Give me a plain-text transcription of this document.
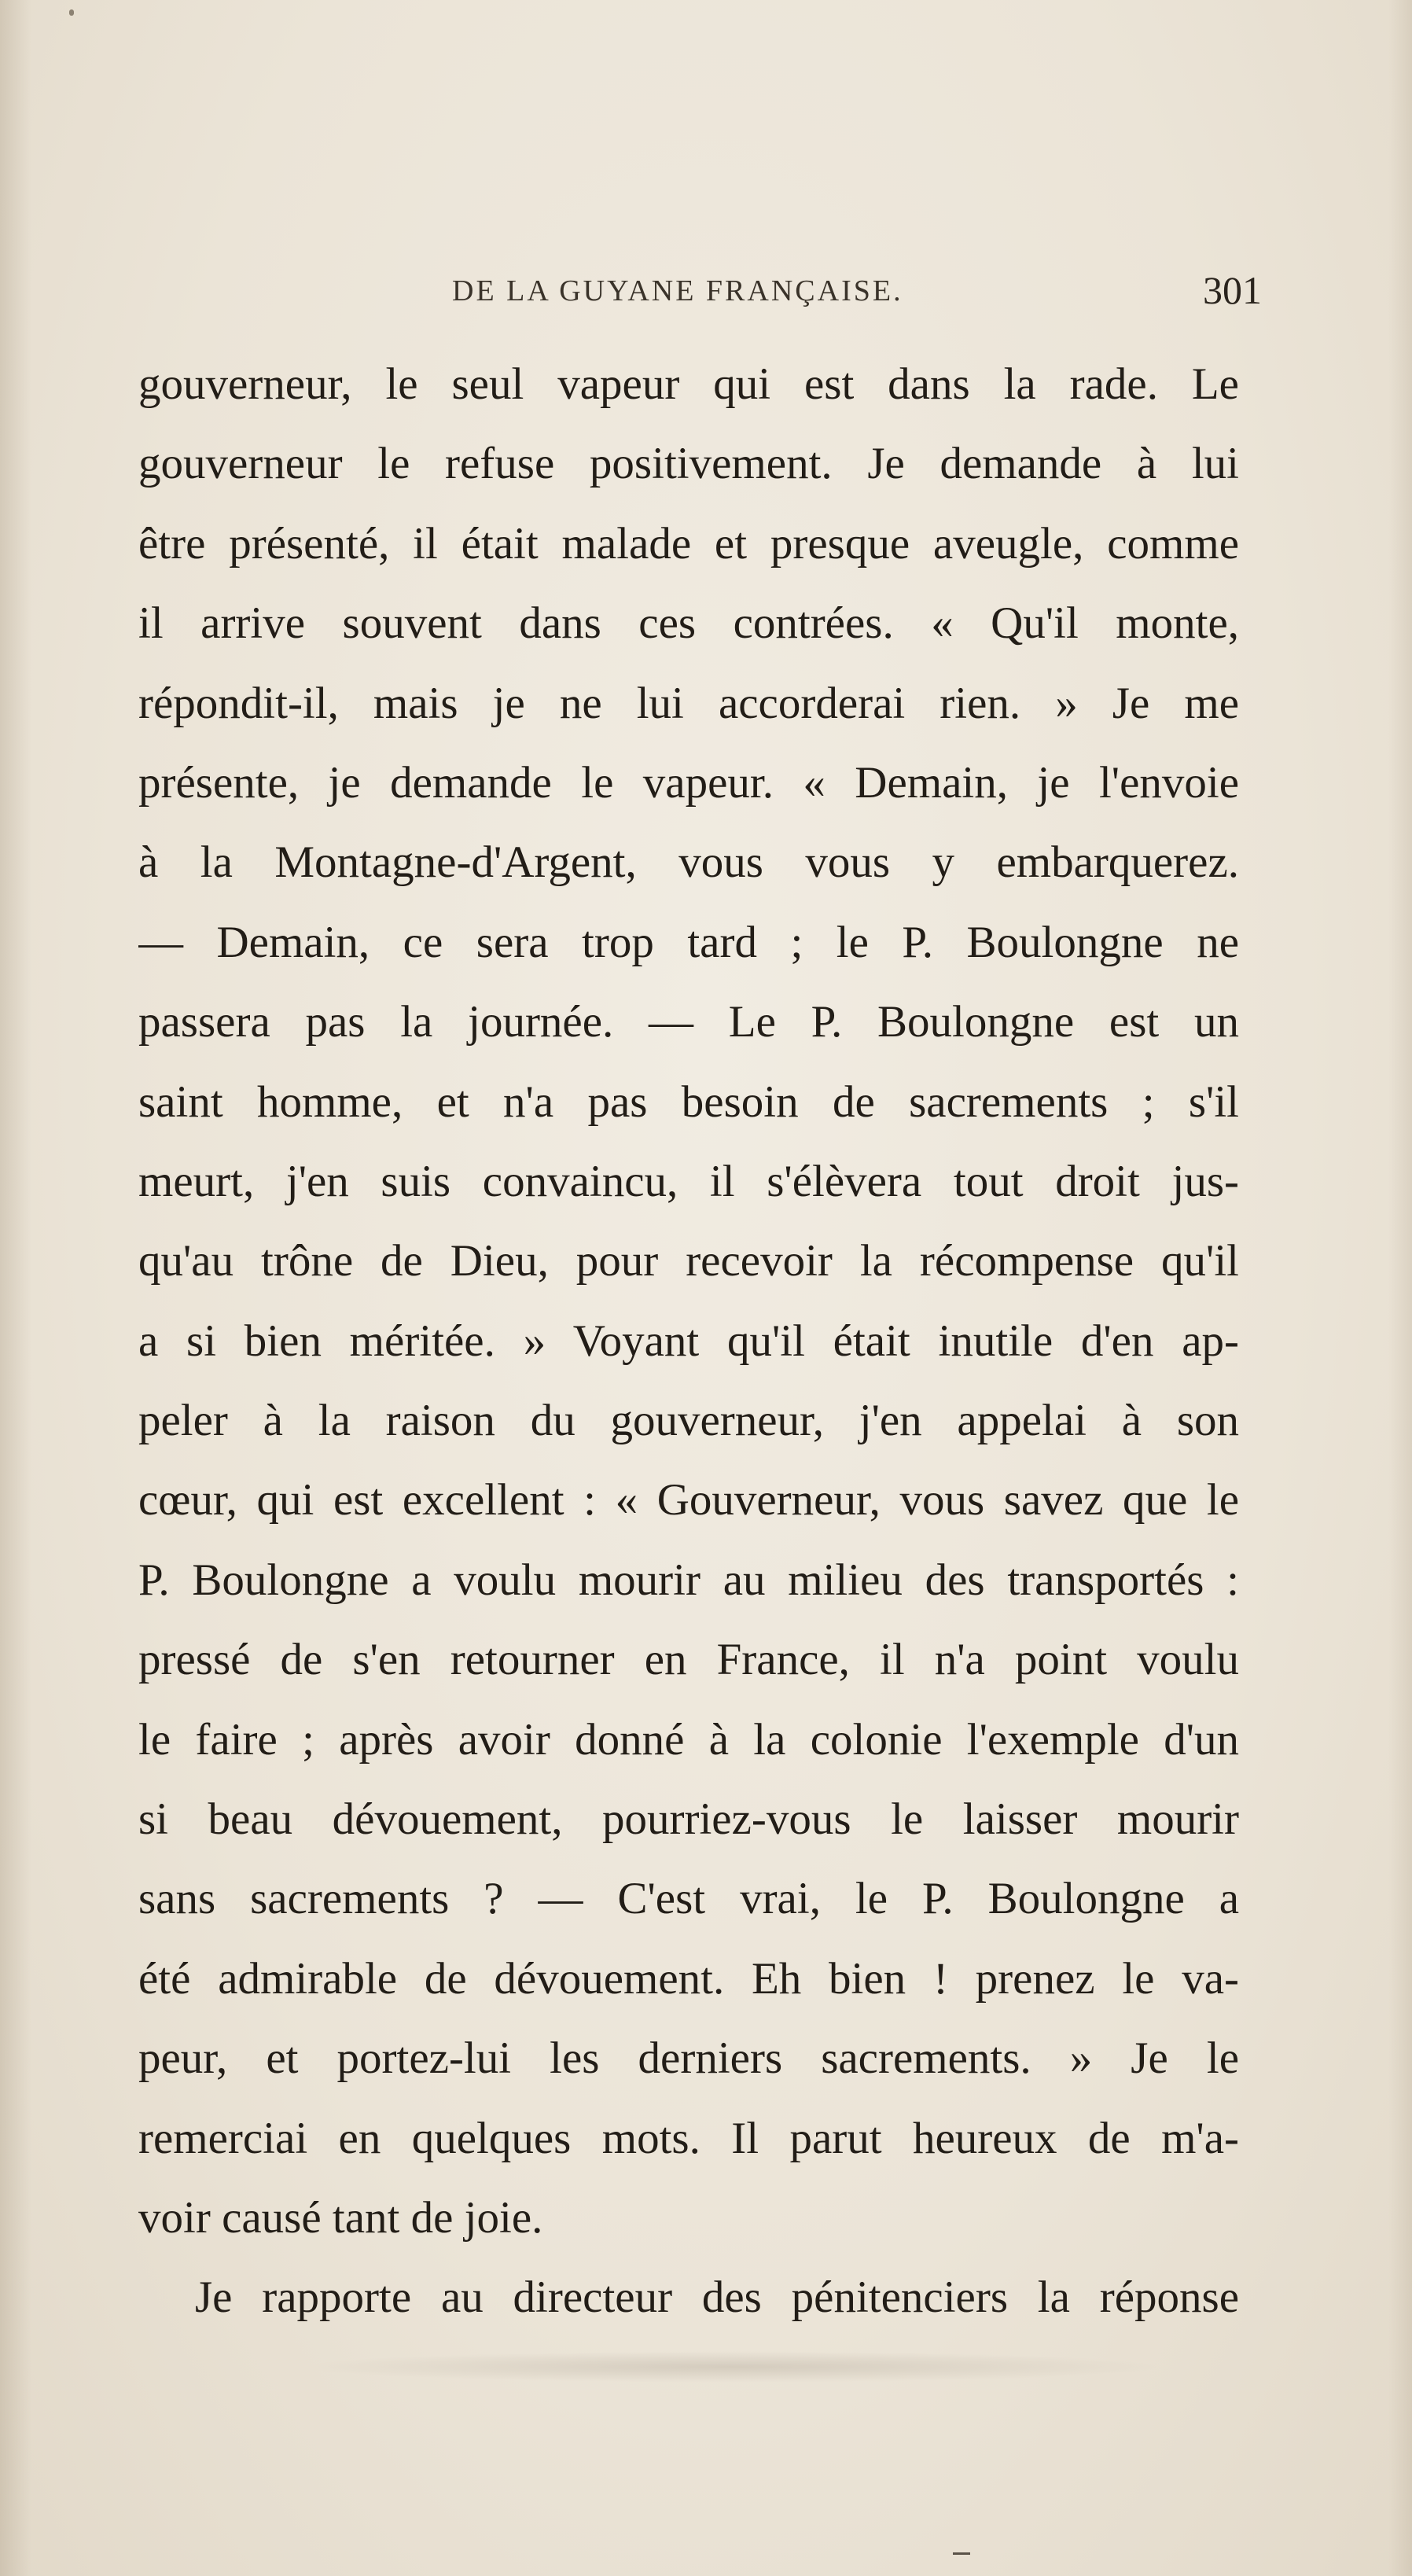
DE LA GUYANE FRANÇAISE.	301
gouverneur, le seul vapeur qui est dans la rade. Le
gouverneur le refuse positivement. Je demande à lui
être présenté, il était malade et presque aveugle, comme
il arrive souvent dans ces contrées. « Qu'il monte,
répondit-il, mais je ne lui accorderai rien. » Je me
présente, je demande le vapeur. « Demain, je l'envoie
à la Montagne-d'Argent, vous vous y embarquerez.
— Demain, ce sera trop tard ; le P. Boulongne ne
passera pas la journée. — Le P. Boulongne est un
saint homme, et n'a pas besoin de sacrements ; s'il
meurt, j'en suis convaincu, il s'élèvera tout droit jus-
qu'au trône de Dieu, pour recevoir la récompense qu'il
a si bien méritée. » Voyant qu'il était inutile d'en ap-
peler à la raison du gouverneur, j'en appelai à son
cœur, qui est excellent : « Gouverneur, vous savez que le
P. Boulongne a voulu mourir au milieu des transportés :
pressé de s'en retourner en France, il n'a point voulu
le faire ; après avoir donné à la colonie l'exemple d'un
si beau dévouement, pourriez-vous le laisser mourir
sans sacrements ? — C'est vrai, le P. Boulongne a
été admirable de dévouement. Eh bien ! prenez le va-
peur, et portez-lui les derniers sacrements. » Je le
remerciai en quelques mots. Il parut heureux de m'a-
voir causé tant de joie.
Je rapporte au directeur des pénitenciers la réponse
